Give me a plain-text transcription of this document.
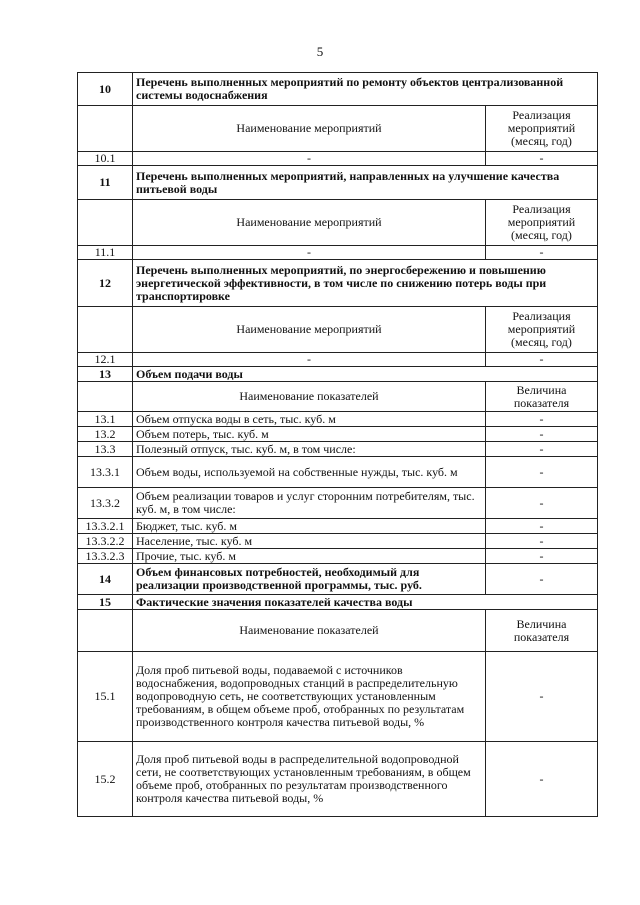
5
10	Перечень выполненных мероприятий по ремонту объектов централизованной системы водоснабжения	
	Наименование мероприятий	Реализация мероприятий (месяц, год)
10.1	-	-
11	Перечень выполненных мероприятий, направленных на улучшение качества питьевой воды	
	Наименование мероприятий	Реализация мероприятий (месяц, год)
11.1	-	-
12	Перечень выполненных мероприятий, по энергосбережению и повышению энергетической эффективности, в том числе по снижению потерь воды при транспортировке	
	Наименование мероприятий	Реализация мероприятий (месяц, год)
12.1	-	-
13	Объем подачи воды	
	Наименование показателей	Величина показателя
13.1	Объем отпуска воды в сеть, тыс. куб. м	-
13.2	Объем потерь, тыс. куб. м	-
13.3	Полезный отпуск, тыс. куб. м, в том числе:	-
13.3.1	Объем воды, используемой на собственные нужды, тыс. куб. м	-
13.3.2	Объем реализации товаров и услуг сторонним потребителям, тыс. куб. м, в том числе:	-
13.3.2.1	Бюджет, тыс. куб. м	-
13.3.2.2	Население, тыс. куб. м	-
13.3.2.3	Прочие, тыс. куб. м	-
14	Объем финансовых потребностей, необходимый для реализации производственной программы, тыс. руб.	-
15	Фактические значения показателей качества воды	
	Наименование показателей	Величина показателя
15.1	Доля проб питьевой воды, подаваемой с источников водоснабжения, водопроводных станций в распределительную водопроводную сеть, не соответствующих установленным требованиям, в общем объеме проб, отобранных по результатам производственного контроля качества питьевой воды, %	-
15.2	Доля проб питьевой воды в распределительной водопроводной сети, не соответствующих установленным требованиям, в общем объеме проб, отобранных по результатам производственного контроля качества питьевой воды, %	-
